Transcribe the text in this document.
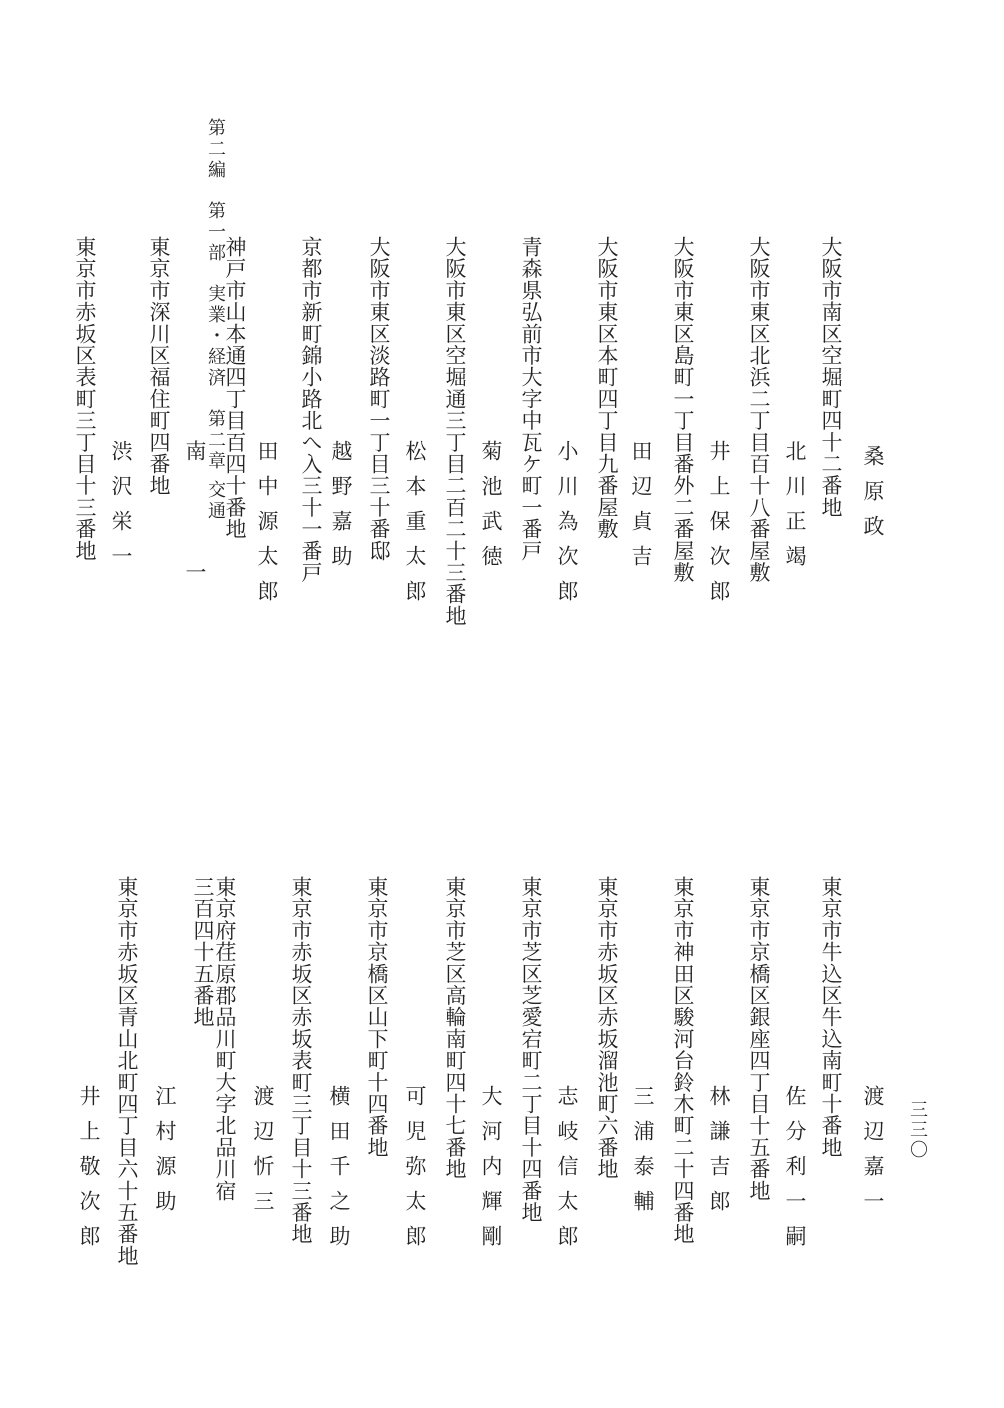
第二編第一部実業・経済第二章交通
三三〇
桑原政
大阪市南区空堀町四十二番地
北川正竭
大阪市東区北浜二丁目百十八番屋敷
井上保次郎
大阪市東区島町一丁目番外二番屋敷
田辺貞吉
大阪市東区本町四丁目九番屋敷
小川為次郎
青森県弘前市大字中瓦ケ町一番戸
菊池武徳
大阪市東区空堀通三丁目二百二十三番地
松本重太郎
大阪市東区淡路町一丁目三十番邸
越野嘉助
京都市新町錦小路北へ入三十一番戸
田中源太郎
神戸市山本通四丁目百四十番地
南一
東京市深川区福住町四番地
渋沢栄一
東京市赤坂区表町三丁目十三番地
渡辺嘉一
東京市牛込区牛込南町十番地
佐分利一嗣
東京市京橋区銀座四丁目十五番地
林謙吉郎
東京市神田区駿河台鈴木町二十四番地
三浦泰輔
東京市赤坂区赤坂溜池町六番地
志岐信太郎
東京市芝区芝愛宕町二丁目十四番地
大河内輝剛
東京市芝区高輪南町四十七番地
可児弥太郎
東京市京橋区山下町十四番地
横田千之助
東京市赤坂区赤坂表町三丁目十三番地
渡辺忻三
東京府荏原郡品川町大字北品川宿
三百四十五番地
江村源助
東京市赤坂区青山北町四丁目六十五番地
井上敬次郎
